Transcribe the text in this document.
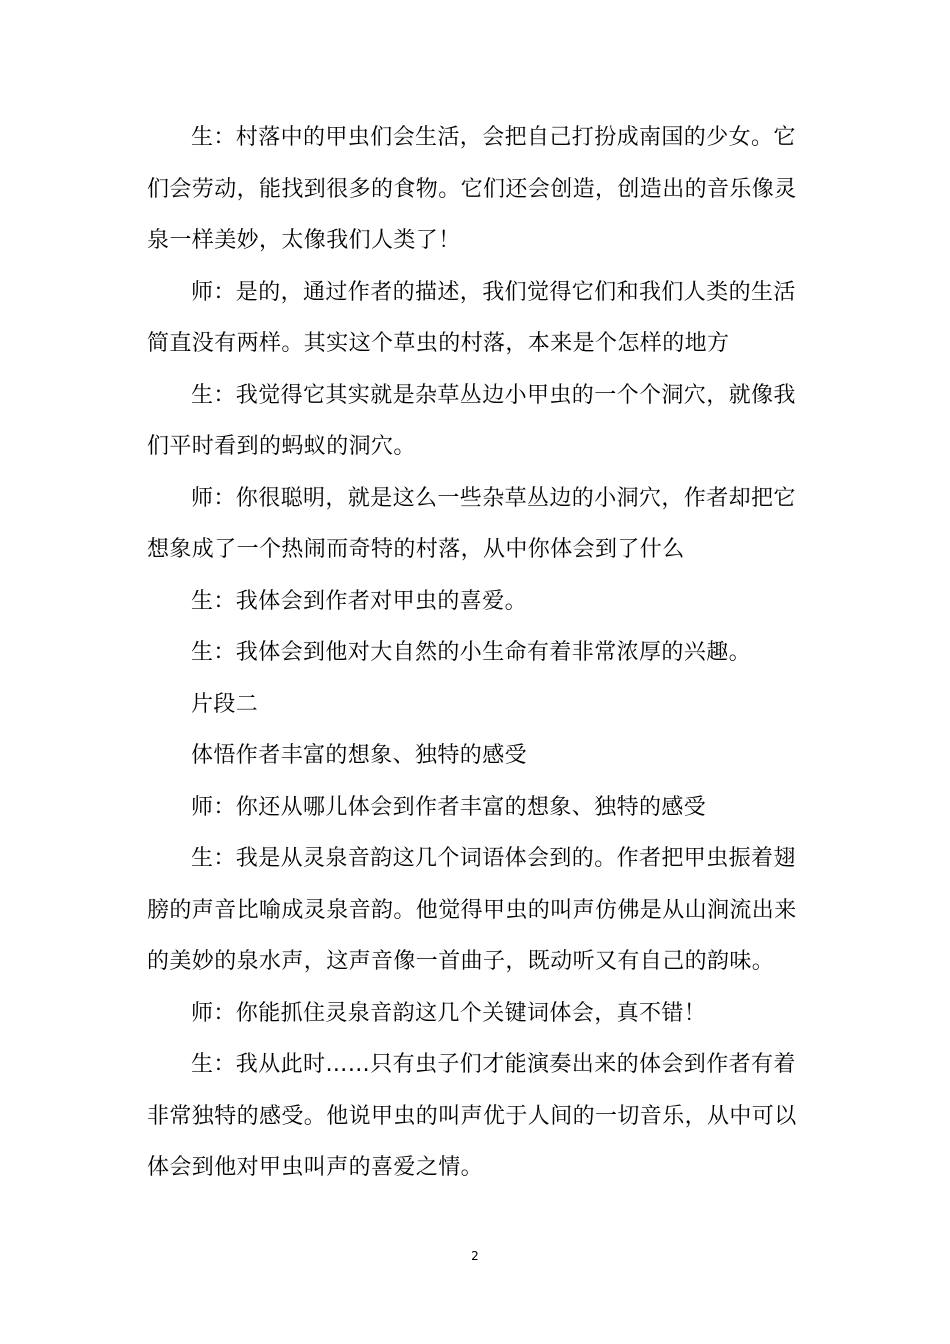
生：村落中的甲虫们会生活，会把自己打扮成南国的少女。它们会劳动，能找到很多的食物。它们还会创造，创造出的音乐像灵泉一样美妙，太像我们人类了！

师：是的，通过作者的描述，我们觉得它们和我们人类的生活简直没有两样。其实这个草虫的村落，本来是个怎样的地方

生：我觉得它其实就是杂草丛边小甲虫的一个个洞穴，就像我们平时看到的蚂蚁的洞穴。

师：你很聪明，就是这么一些杂草丛边的小洞穴，作者却把它想象成了一个热闹而奇特的村落，从中你体会到了什么

生：我体会到作者对甲虫的喜爱。

生：我体会到他对大自然的小生命有着非常浓厚的兴趣。

片段二

体悟作者丰富的想象、独特的感受

师：你还从哪儿体会到作者丰富的想象、独特的感受

生：我是从灵泉音韵这几个词语体会到的。作者把甲虫振着翅膀的声音比喻成灵泉音韵。他觉得甲虫的叫声仿佛是从山涧流出来的美妙的泉水声，这声音像一首曲子，既动听又有自己的韵味。

师：你能抓住灵泉音韵这几个关键词体会，真不错！

生：我从此时……只有虫子们才能演奏出来的体会到作者有着非常独特的感受。他说甲虫的叫声优于人间的一切音乐，从中可以体会到他对甲虫叫声的喜爱之情。

2
